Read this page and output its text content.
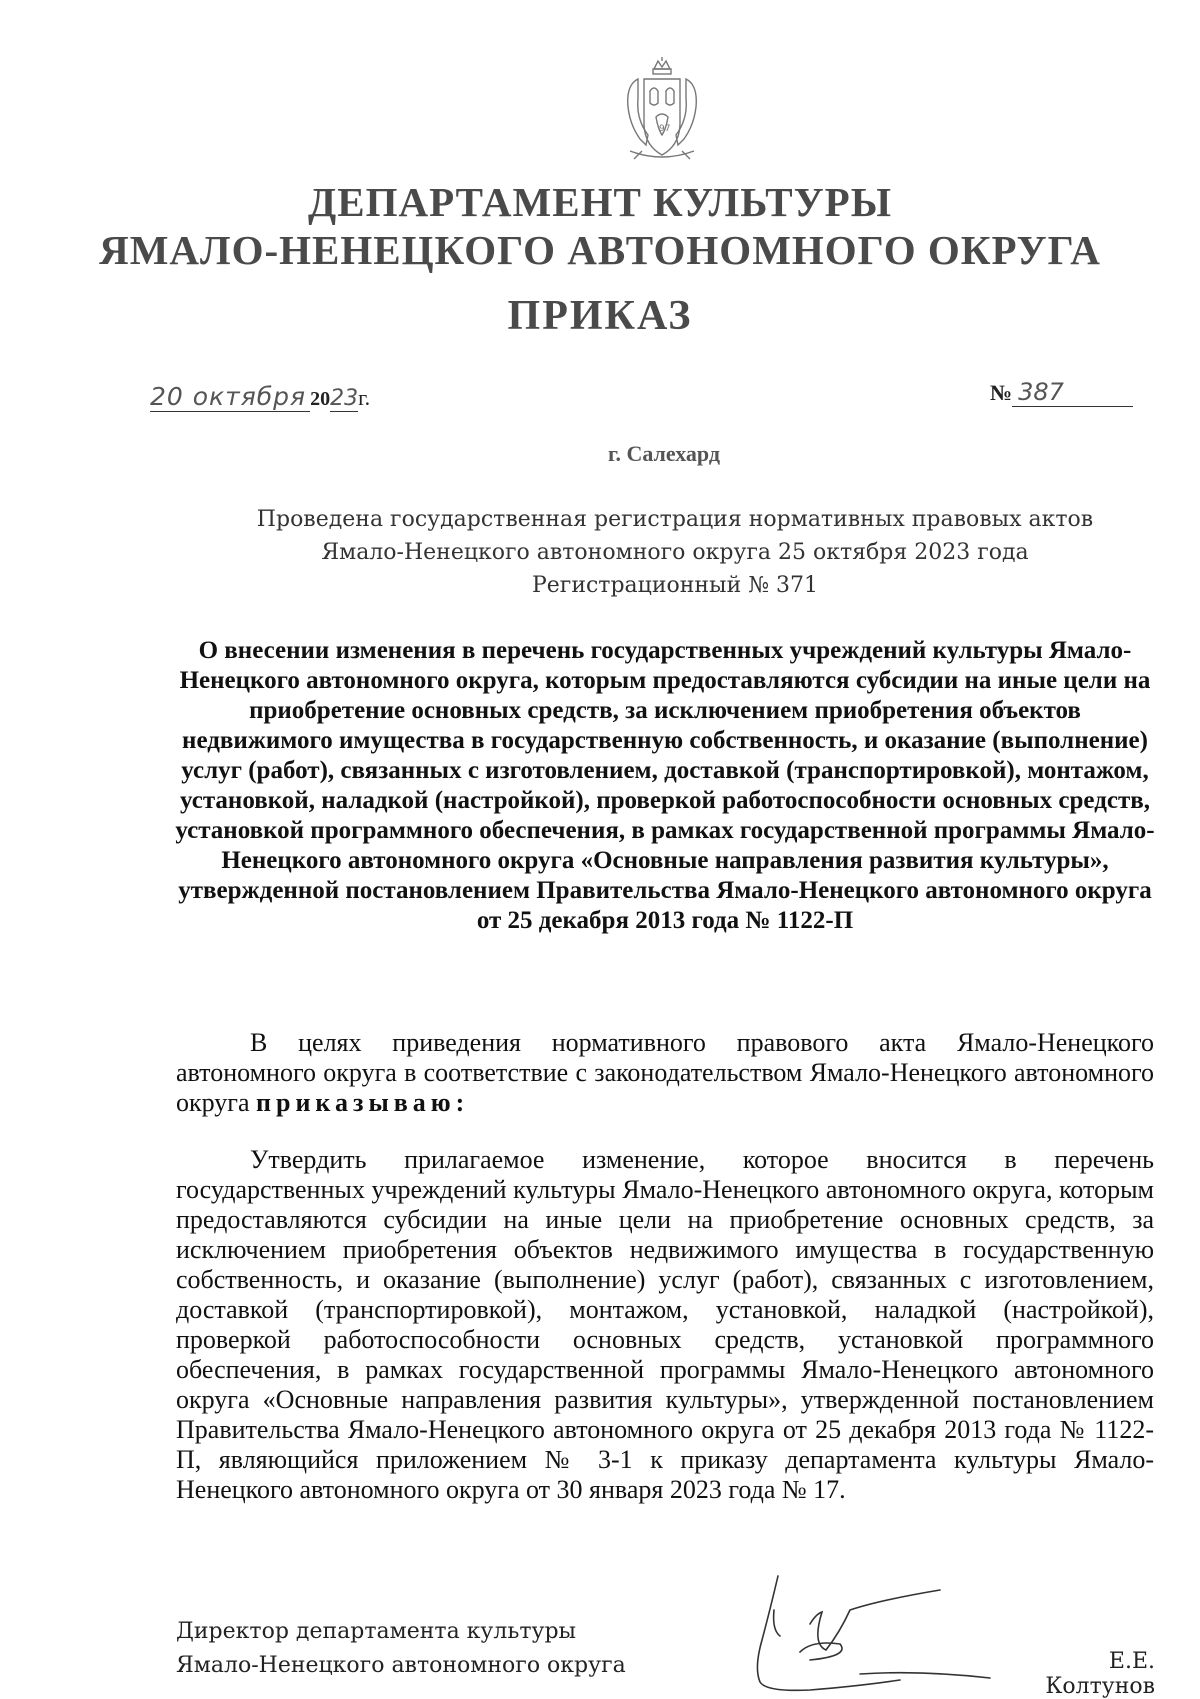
97
ДЕПАРТАМЕНТ КУЛЬТУРЫ
ЯМАЛО-НЕНЕЦКОГО АВТОНОМНОГО ОКРУГА
ПРИКАЗ
20 октября 2023г.	№ 387
г. Салехард
Проведена государственная регистрация нормативных правовых актов
Ямало-Ненецкого автономного округа 25 октября 2023 года
Регистрационный № 371
О внесении изменения в перечень государственных учреждений культуры Ямало-Ненецкого автономного округа, которым предоставляются субсидии на иные цели на приобретение основных средств, за исключением приобретения объектов недвижимого имущества в государственную собственность, и оказание (выполнение) услуг (работ), связанных с изготовлением, доставкой (транспортировкой), монтажом, установкой, наладкой (настройкой), проверкой работоспособности основных средств, установкой программного обеспечения, в рамках государственной программы Ямало-Ненецкого автономного округа «Основные направления развития культуры», утвержденной постановлением Правительства Ямало-Ненецкого автономного округа от 25 декабря 2013 года № 1122-П

В целях приведения нормативного правового акта Ямало-Ненецкого автономного округа в соответствие с законодательством Ямало-Ненецкого автономного округа приказываю:

Утвердить прилагаемое изменение, которое вносится в перечень государственных учреждений культуры Ямало-Ненецкого автономного округа, которым предоставляются субсидии на иные цели на приобретение основных средств, за исключением приобретения объектов недвижимого имущества в государственную собственность, и оказание (выполнение) услуг (работ), связанных с изготовлением, доставкой (транспортировкой), монтажом, установкой, наладкой (настройкой), проверкой работоспособности основных средств, установкой программного обеспечения, в рамках государственной программы Ямало-Ненецкого автономного округа «Основные направления развития культуры», утвержденной постановлением Правительства Ямало-Ненецкого автономного округа от 25 декабря 2013 года № 1122-П, являющийся приложением № 3-1 к приказу департамента культуры Ямало-Ненецкого автономного округа от 30 января 2023 года № 17.

Директор департамента культуры
Ямало-Ненецкого автономного округа	Е.Е. Колтунов
